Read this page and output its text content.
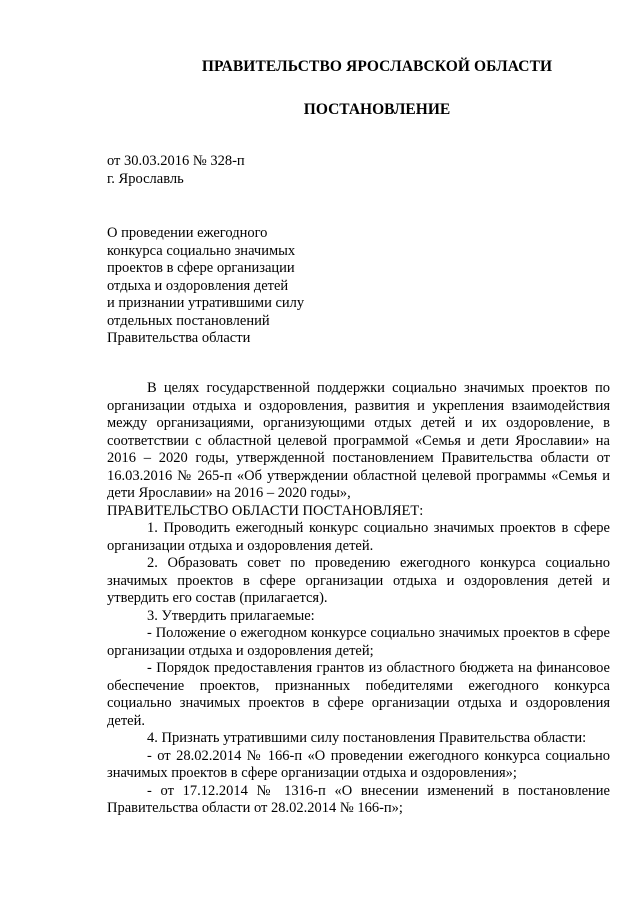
ПРАВИТЕЛЬСТВО ЯРОСЛАВСКОЙ ОБЛАСТИ
ПОСТАНОВЛЕНИЕ
от 30.03.2016 № 328-п
г. Ярославль
О проведении ежегодного
конкурса социально значимых
проектов в сфере организации
отдыха и оздоровления детей
и признании утратившими силу
отдельных постановлений
Правительства области

В целях государственной поддержки социально значимых проектов по организации отдыха и оздоровления, развития и укрепления взаимодействия между организациями, организующими отдых детей и их оздоровление, в соответствии с областной целевой программой «Семья и дети Ярославии» на 2016 – 2020 годы, утвержденной постановлением Правительства области от 16.03.2016 № 265-п «Об утверждении областной целевой программы «Семья и дети Ярославии» на 2016 – 2020 годы»,

ПРАВИТЕЛЬСТВО ОБЛАСТИ ПОСТАНОВЛЯЕТ:

1. Проводить ежегодный конкурс социально значимых проектов в сфере организации отдыха и оздоровления детей.

2. Образовать совет по проведению ежегодного конкурса социально значимых проектов в сфере организации отдыха и оздоровления детей и утвердить его состав (прилагается).

3. Утвердить прилагаемые:

- Положение о ежегодном конкурсе социально значимых проектов в сфере организации отдыха и оздоровления детей;

- Порядок предоставления грантов из областного бюджета на финансовое обеспечение проектов, признанных победителями ежегодного конкурса социально значимых проектов в сфере организации отдыха и оздоровления детей.

4. Признать утратившими силу постановления Правительства области:

- от 28.02.2014 № 166-п «О проведении ежегодного конкурса социально значимых проектов в сфере организации отдыха и оздоровления»;

- от 17.12.2014 № 1316-п «О внесении изменений в постановление Правительства области от 28.02.2014 № 166-п»;
